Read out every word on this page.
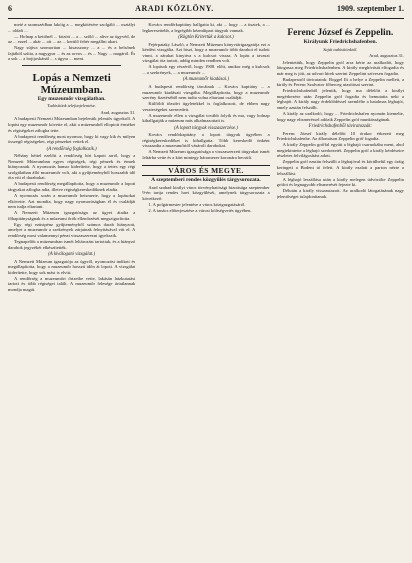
6	ARADI KÖZLÖNY.	1909. szeptember 1.

meté a szomszédban lakóig a ... megkötésére szolgáló ... osztályi ... oldalt ...

— Holnap a kettőnél ... között ... a ... szőlő ... alive az ügyvéd, de az ... ezzel ... akár ... ott ... az ... kerülő fehér megállni akart.

Nagy sújtva szomorúan ... kisasszony ... a ... és a belsőnek fajtából szítta, a nagygyar ... és az orvos ... és ... Nagy ... magáról. És a sok ... a bojtjoskánál ... s úgyra ... ment.

Lopás a Nemzeti Múzeumban.
Egy muzeumőr vizsgálatban.
Tudósítónk telefonjelentése.
Arad, augusztus 31.

A budapesti Nemzeti Múzeumban bejelentik jelentős ügyekről. A lopást egy muzeumőr követte el, akit a múzeumból elloptott érméket és régiségeket zálogba tette.

A budapesti rendőrség most nyomoz, hogy ki vagy kik és milyen összegű régiségeket, régi pénzeket vettek el.

(A rendőrség foglalkozik.)

Néhány héttel ezelőtt a rendőrség hírt kapott arról, hogy a Nemzeti Múzeumban egyes régiségek, régi pénzek és érmek hiányoznak. A nyomozás hamar kiderítette, hogy a tettes egy régi szolgálatban álló muzeumőr volt, aki a gyűjteményből hosszabb idő óta vitt el darabokat.

A budapesti rendőrség megállapította, hogy a muzeumőr a lopott tárgyakat zálogba adta, illetve régiségkereskedőknek eladta.

A nyomozás során a muzeumőr beismerte, hogy a lopásokat elkövette. Azt mondta, hogy nagy nyomorúságban él és családját nem tudja eltartani.

A Nemzeti Múzeum igazgatósága az ügyet átadta a főkapitányságnak és a múzeumi őrök ellenőrzését megszigorította.

Egy régi ezüstpénz gyűjteményből számos darab hiányzott, amelyet a muzeumőr a szekrények zárjainak felnyitásával vitt el. A rendőrség most valamennyi pénzt visszaszerezni igyekszik.

Tegnapelőtt a múzeumban ismét leltározást tartottak, és a hiányzó darabok jegyzékét elkészítették.

(A kiválogató vizsgálat.)

A Nemzeti Múzeum igazgatója az ügyről, nyomozást indított és megállapította, hogy a muzeumőr hosszú időn át lopott. A vizsgálat kiderítette, hogy sok mást is elvitt.

A rendőrség a muzeumőrt őrizetbe vette, lakásán házkutatást tartott és több régiséget talált. A muzeumőr felesége ártatlannak mondja magát.

Kovács rendőrkapitány hallgatta ki, aki ... hogy ... a tisztek, a ... legkeresettebb, a legrégibb kézműipari tárgyak vannak.

(Rögtön Kritertük a kulcsot.)

Fejérpataky László, a Nemzeti Múzeum könyvtárigazgatója ezt a kérdést vizsgálta. Azt hiszi, hogy a muzeumőr több darabot el tudott vinni, a zárakat kinyitva s a kulcsot vissza. A lopás a tavaszi vizsgálat óta tartott, addig minden rendben volt.

A lopások egy részéről, hogy 1908. előtt, amikor még a kulcsok ... a szekrények, ... a muzeumőr ...

(A muzeumőr kiadásai.)

A budapesti rendőrség tárcáinak ... Kovács kapitány ... a muzeumőr kiadásait vizsgálta. Megállapította, hogy a muzeumőr szerény fizetéséből nem tudta volna eltartani családját.

Külföldi tőzsdei ügyletekkel is foglalkozott, de ebben nagy veszteségeket szenvedett.

A muzeumőr ellen a vizsgálat tovább folyik és ma, vagy holnap kihallgatják a múzeum más alkalmazottait is.

(A lopott tárgyak visszaszerzése.)

Kovács rendőrkapitány a lopott tárgyak ügyében a régiségkereskedőket is kihallgatta. Több kereskedő önként visszaadta a muzeumőrtől vásárolt darabokat.

A Nemzeti Múzeum igazgatósága a visszaszerzett tárgyakat ismét leltárba vette és a kárt mintegy háromezer koronára becsüli.

VÁROS ÉS MEGYE.
A szeptemberi rendes közgyűlés tárgysorozata.

Arad szabad királyi város törvényhatósági bizottsága szeptember 9-én tartja rendes havi közgyűlését, amelynek tárgysorozata a következő:

1. A polgármester jelentése a város közigazgatásáról.

2. A tanács előterjesztése a városi költségvetés ügyében.

Ferenc József és Zeppelin.
Királyunk Friedrichshafenben.
Saját tudósítónktól.
Arad, augusztus 31.

Jelentettük, hogy Zeppelin gróf arra kérte az uralkodót, hogy látogassa meg Friedrichshafenben. A király meghívását elfogadta és már meg is jött, az udvari hírek szerint Zeppelint szívesen fogadta.

Budapestről távirataink: Boggel Ili a helye a Zeppelin mellett, a király és Ferenc Szalvator főherceg utasításai szerint.

Friedrichshafenből jelentik, hogy ma délelőtt a királyt megérkezése után Zeppelin gróf fogadta és bemutatta neki a léghajót. A király nagy érdeklődéssel szemlélte a hatalmas léghajót, amely azután felszállt.

A király az uralkodó, hogy ... Friedrichshafen nyomán kiemelte, hogy nagy elismeréssel adózik Zeppelin gróf munkásságának.

Friedrichshafenből táviratozzák:

Ferenc József király délelőtt 10 órakor érkezett meg Friedrichshafenbe. Az állomáson Zeppelin gróf fogadta.

A király Zeppelin gróffal együtt a léghajó csarnokába ment, ahol megtekintette a léghajó szerkezetét. Zeppelin gróf a király kérdéseire részletes felvilágosítást adott.

Zeppelin gróf ezután felszállt a léghajóval és körülbelül egy óráig keringett a Bodeni tó felett. A király ezalatt a parton nézte a felszállást.

A léghajó leszállása után a király melegen üdvözölte Zeppelin grófot és legnagyobb elismerését fejezte ki.

Délután a király visszautazott. Az uralkodó látogatásának nagy jelentőséget tulajdonítanak.
